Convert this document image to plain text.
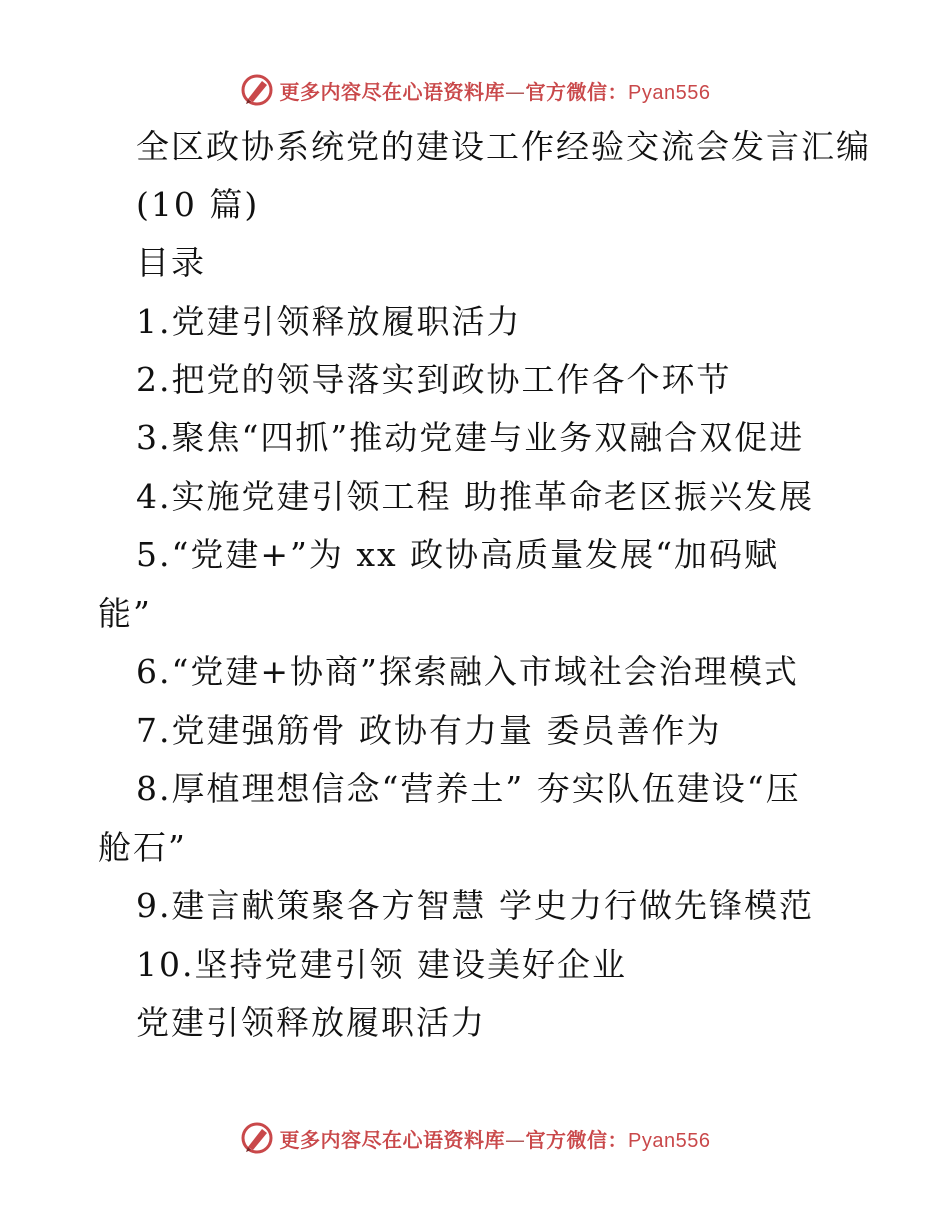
更多内容尽在心语资料库 — 官方微信： Pyan556
全区政协系统党的建设工作经验交流会发言汇编
(10 篇)
目录
1.党建引领释放履职活力
2.把党的领导落实到政协工作各个环节
3.聚焦“四抓”推动党建与业务双融合双促进
4.实施党建引领工程 助推革命老区振兴发展
5.“党建+”为 xx 政协高质量发展“加码赋
能”
6.“党建+协商”探索融入市域社会治理模式
7.党建强筋骨 政协有力量 委员善作为
8.厚植理想信念“营养土” 夯实队伍建设“压
舱石”
9.建言献策聚各方智慧 学史力行做先锋模范
10.坚持党建引领 建设美好企业
党建引领释放履职活力
更多内容尽在心语资料库 — 官方微信： Pyan556
